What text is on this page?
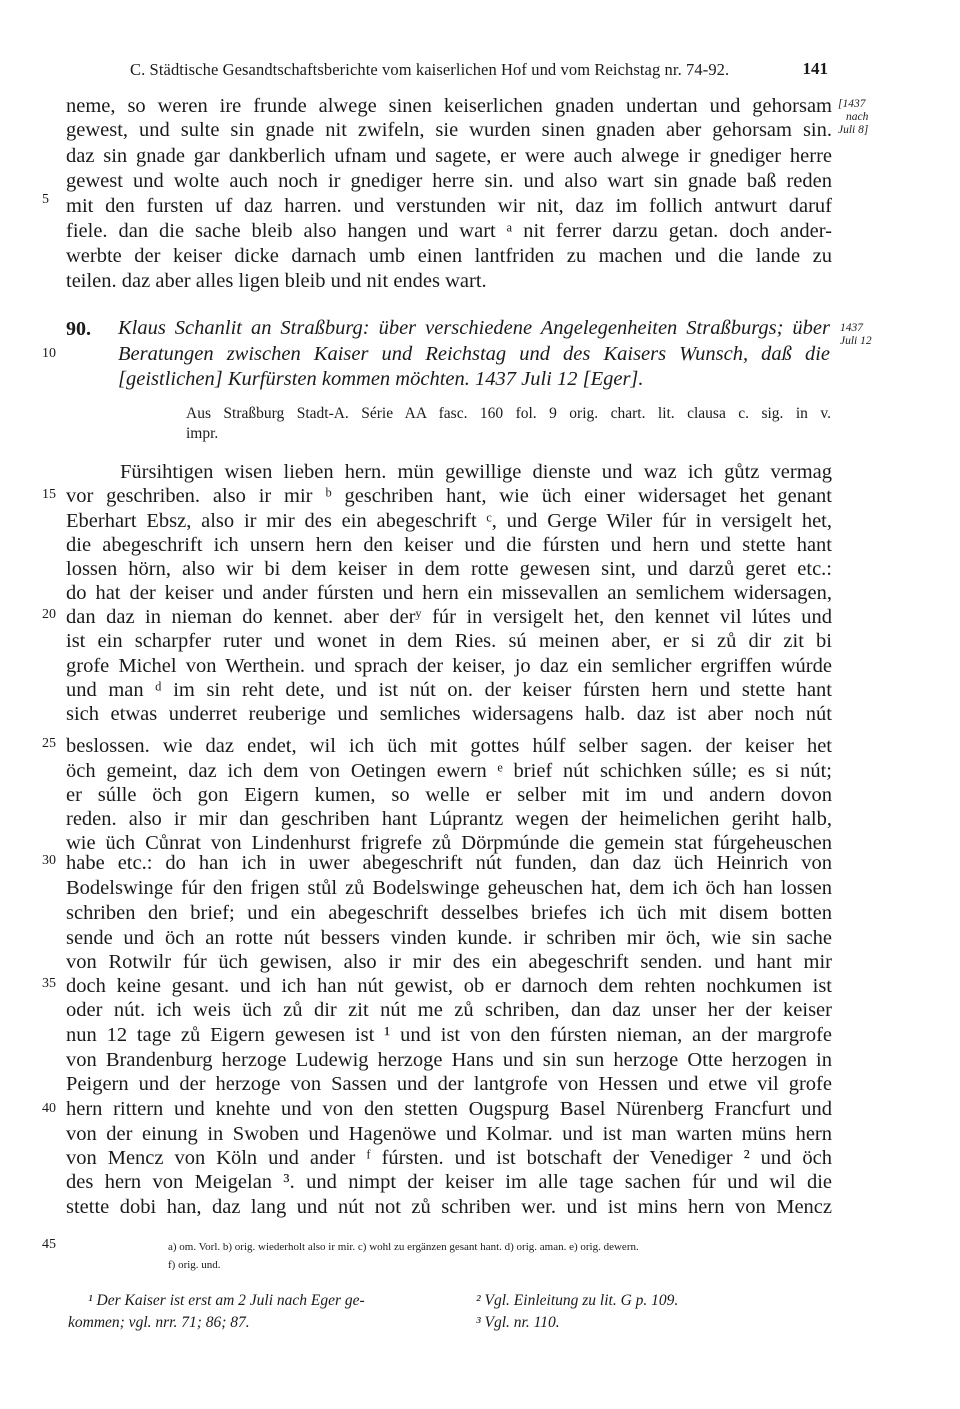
C. Städtische Gesandtschaftsberichte vom kaiserlichen Hof und vom Reichstag nr. 74-92.	141
[1437
nach
Juli 8]
1437
Juli 12
5
10
15
20
25
30
35
40
45
neme, so weren ire frunde alwege sinen keiserlichen gnaden undertan und gehorsam
gewest, und sulte sin gnade nit zwifeln, sie wurden sinen gnaden aber gehorsam sin.
daz sin gnade gar dankberlich ufnam und sagete, er were auch alwege ir gnediger herre
gewest und wolte auch noch ir gnediger herre sin. und also wart sin gnade baß reden
mit den fursten uf daz harren. und verstunden wir nit, daz im follich antwurt daruf
fiele. dan die sache bleib also hangen und wart ᵃ nit ferrer darzu getan. doch ander-
werbte der keiser dicke darnach umb einen lantfriden zu machen und die lande zu
teilen. daz aber alles ligen bleib und nit endes wart.
90. Klaus Schanlit an Straßburg: über verschiedene Angelegenheiten Straßburgs; über
Beratungen zwischen Kaiser und Reichstag und des Kaisers Wunsch, daß die
[geistlichen] Kurfürsten kommen möchten. 1437 Juli 12 [Eger].
Aus Straßburg Stadt-A. Série AA fasc. 160 fol. 9 orig. chart. lit. clausa c. sig. in v.
impr.
Fürsihtigen wisen lieben hern. mün gewillige dienste und waz ich gůtz vermag
vor geschriben. also ir mir ᵇ geschriben hant, wie üch einer widersaget het genant
Eberhart Ebsz, also ir mir des ein abegeschrift ᶜ, und Gerge Wiler fúr in versigelt het,
die abegeschrift ich unsern hern den keiser und die fúrsten und hern und stette hant
lossen hörn, also wir bi dem keiser in dem rotte gewesen sint, und darzů geret etc.:
do hat der keiser und ander fúrsten und hern ein missevallen an semlichem widersagen,
dan daz in nieman do kennet. aber derʸ fúr in versigelt het, den kennet vil lútes und
ist ein scharpfer ruter und wonet in dem Ries. sú meinen aber, er si zů dir zit bi
grofe Michel von Werthein. und sprach der keiser, jo daz ein semlicher ergriffen wúrde
und man ᵈ im sin reht dete, und ist nút on. der keiser fúrsten hern und stette hant
sich etwas underret reuberige und semliches widersagens halb. daz ist aber noch nút
beslossen. wie daz endet, wil ich üch mit gottes húlf selber sagen. der keiser het
öch gemeint, daz ich dem von Oetingen ewern ᵉ brief nút schichken súlle; es si nút;
er súlle öch gon Eigern kumen, so welle er selber mit im und andern dovon
reden. also ir mir dan geschriben hant Lúprantz wegen der heimelichen geriht halb,
wie üch Cůnrat von Lindenhurst frigrefe zů Dörpmúnde die gemein stat fúrgeheuschen
habe etc.: do han ich in uwer abegeschrift nút funden, dan daz üch Heinrich von
Bodelswinge fúr den frigen stůl zů Bodelswinge geheuschen hat, dem ich öch han lossen
schriben den brief; und ein abegeschrift desselbes briefes ich üch mit disem botten
sende und öch an rotte nút bessers vinden kunde. ir schriben mir öch, wie sin sache
von Rotwilr fúr üch gewisen, also ir mir des ein abegeschrift senden. und hant mir
doch keine gesant. und ich han nút gewist, ob er darnoch dem rehten nochkumen ist
oder nút. ich weis üch zů dir zit nút me zů schriben, dan daz unser her der keiser
nun 12 tage zů Eigern gewesen ist ¹ und ist von den fúrsten nieman, an der margrofe
von Brandenburg herzoge Ludewig herzoge Hans und sin sun herzoge Otte herzogen in
Peigern und der herzoge von Sassen und der lantgrofe von Hessen und etwe vil grofe
hern rittern und knehte und von den stetten Ougspurg Basel Nürenberg Francfurt und
von der einung in Swoben und Hagenöwe und Kolmar. und ist man warten müns hern
von Mencz von Köln und ander ᶠ fúrsten. und ist botschaft der Venediger ² und öch
des hern von Meigelan ³. und nimpt der keiser im alle tage sachen fúr und wil die
stette dobi han, daz lang und nút not zů schriben wer. und ist mins hern von Mencz
a) om. Vorl. b) orig. wiederholt also ir mir. c) wohl zu ergänzen gesant hant. d) orig. aman. e) orig. dewern.
f) orig. und.
¹ Der Kaiser ist erst am 2 Juli nach Eger ge-
kommen; vgl. nrr. 71; 86; 87.
² Vgl. Einleitung zu lit. G p. 109.
³ Vgl. nr. 110.
